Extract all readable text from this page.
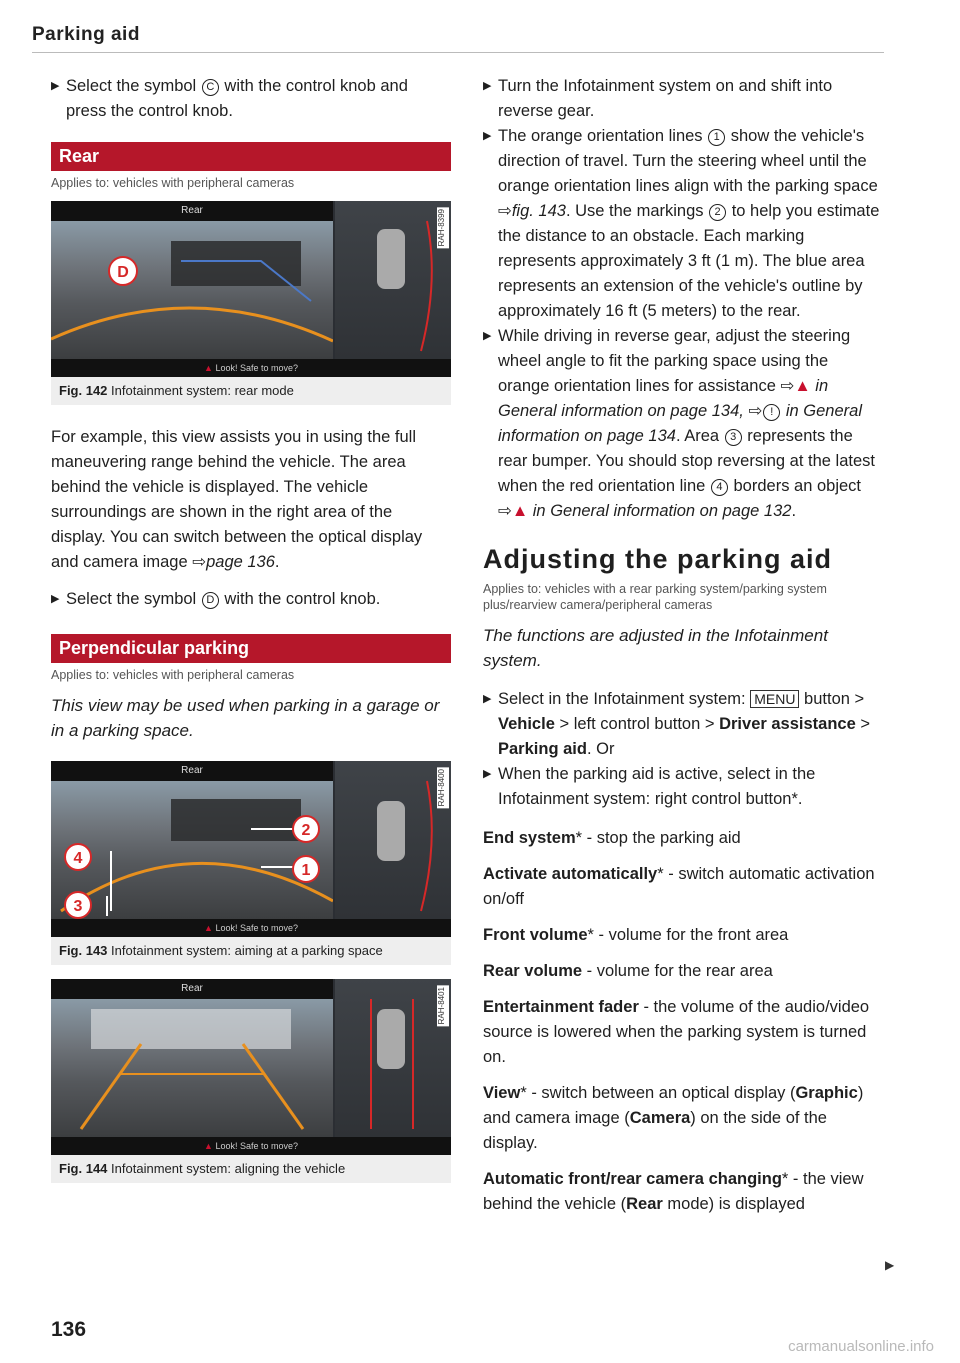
Parking aid
▶ Select the symbol C with the control knob and press the control knob.
Rear
Applies to: vehicles with peripheral cameras
Rear
D
RAH-8399
▲ Look! Safe to move?
Fig. 142 Infotainment system: rear mode

For example, this view assists you in using the full maneuvering range behind the vehicle. The area behind the vehicle is displayed. The vehicle surroundings are shown in the right area of the display. You can switch between the optical display and camera image ⇨page 136.

▶ Select the symbol D with the control knob.
Perpendicular parking
Applies to: vehicles with peripheral cameras

This view may be used when parking in a garage or in a parking space.

Rear
2
1
4
3
RAH-8400
▲ Look! Safe to move?
Fig. 143 Infotainment system: aiming at a parking space
Rear	RAH-8401
▲ Look! Safe to move?
Fig. 144 Infotainment system: aligning the vehicle
▶ Turn the Infotainment system on and shift into reverse gear.
▶ The orange orientation lines 1 show the vehicle's direction of travel. Turn the steering wheel until the orange orientation lines align with the parking space ⇨fig. 143. Use the markings 2 to help you estimate the distance to an obstacle. Each marking represents approximately 3 ft (1 m). The blue area represents an extension of the vehicle's outline by approximately 16 ft (5 meters) to the rear.
▶ While driving in reverse gear, adjust the steering wheel angle to fit the parking space using the orange orientation lines for assistance ⇨▲ in General information on page 134, ⇨ ! in General information on page 134. Area 3 represents the rear bumper. You should stop reversing at the latest when the red orientation line 4 borders an object ⇨▲ in General information on page 132.
Adjusting the parking aid
Applies to: vehicles with a rear parking system/parking system plus/rearview camera/peripheral cameras

The functions are adjusted in the Infotainment system.

▶ Select in the Infotainment system: MENU button > Vehicle > left control button > Driver assistance > Parking aid. Or
▶ When the parking aid is active, select in the Infotainment system: right control button*.

End system* - stop the parking aid

Activate automatically* - switch automatic activation on/off

Front volume* - volume for the front area

Rear volume - volume for the rear area

Entertainment fader - the volume of the audio/video source is lowered when the parking system is turned on.

View* - switch between an optical display (Graphic) and camera image (Camera) on the side of the display.

Automatic front/rear camera changing* - the view behind the vehicle (Rear mode) is displayed

▶
136
carmanualsonline.info
